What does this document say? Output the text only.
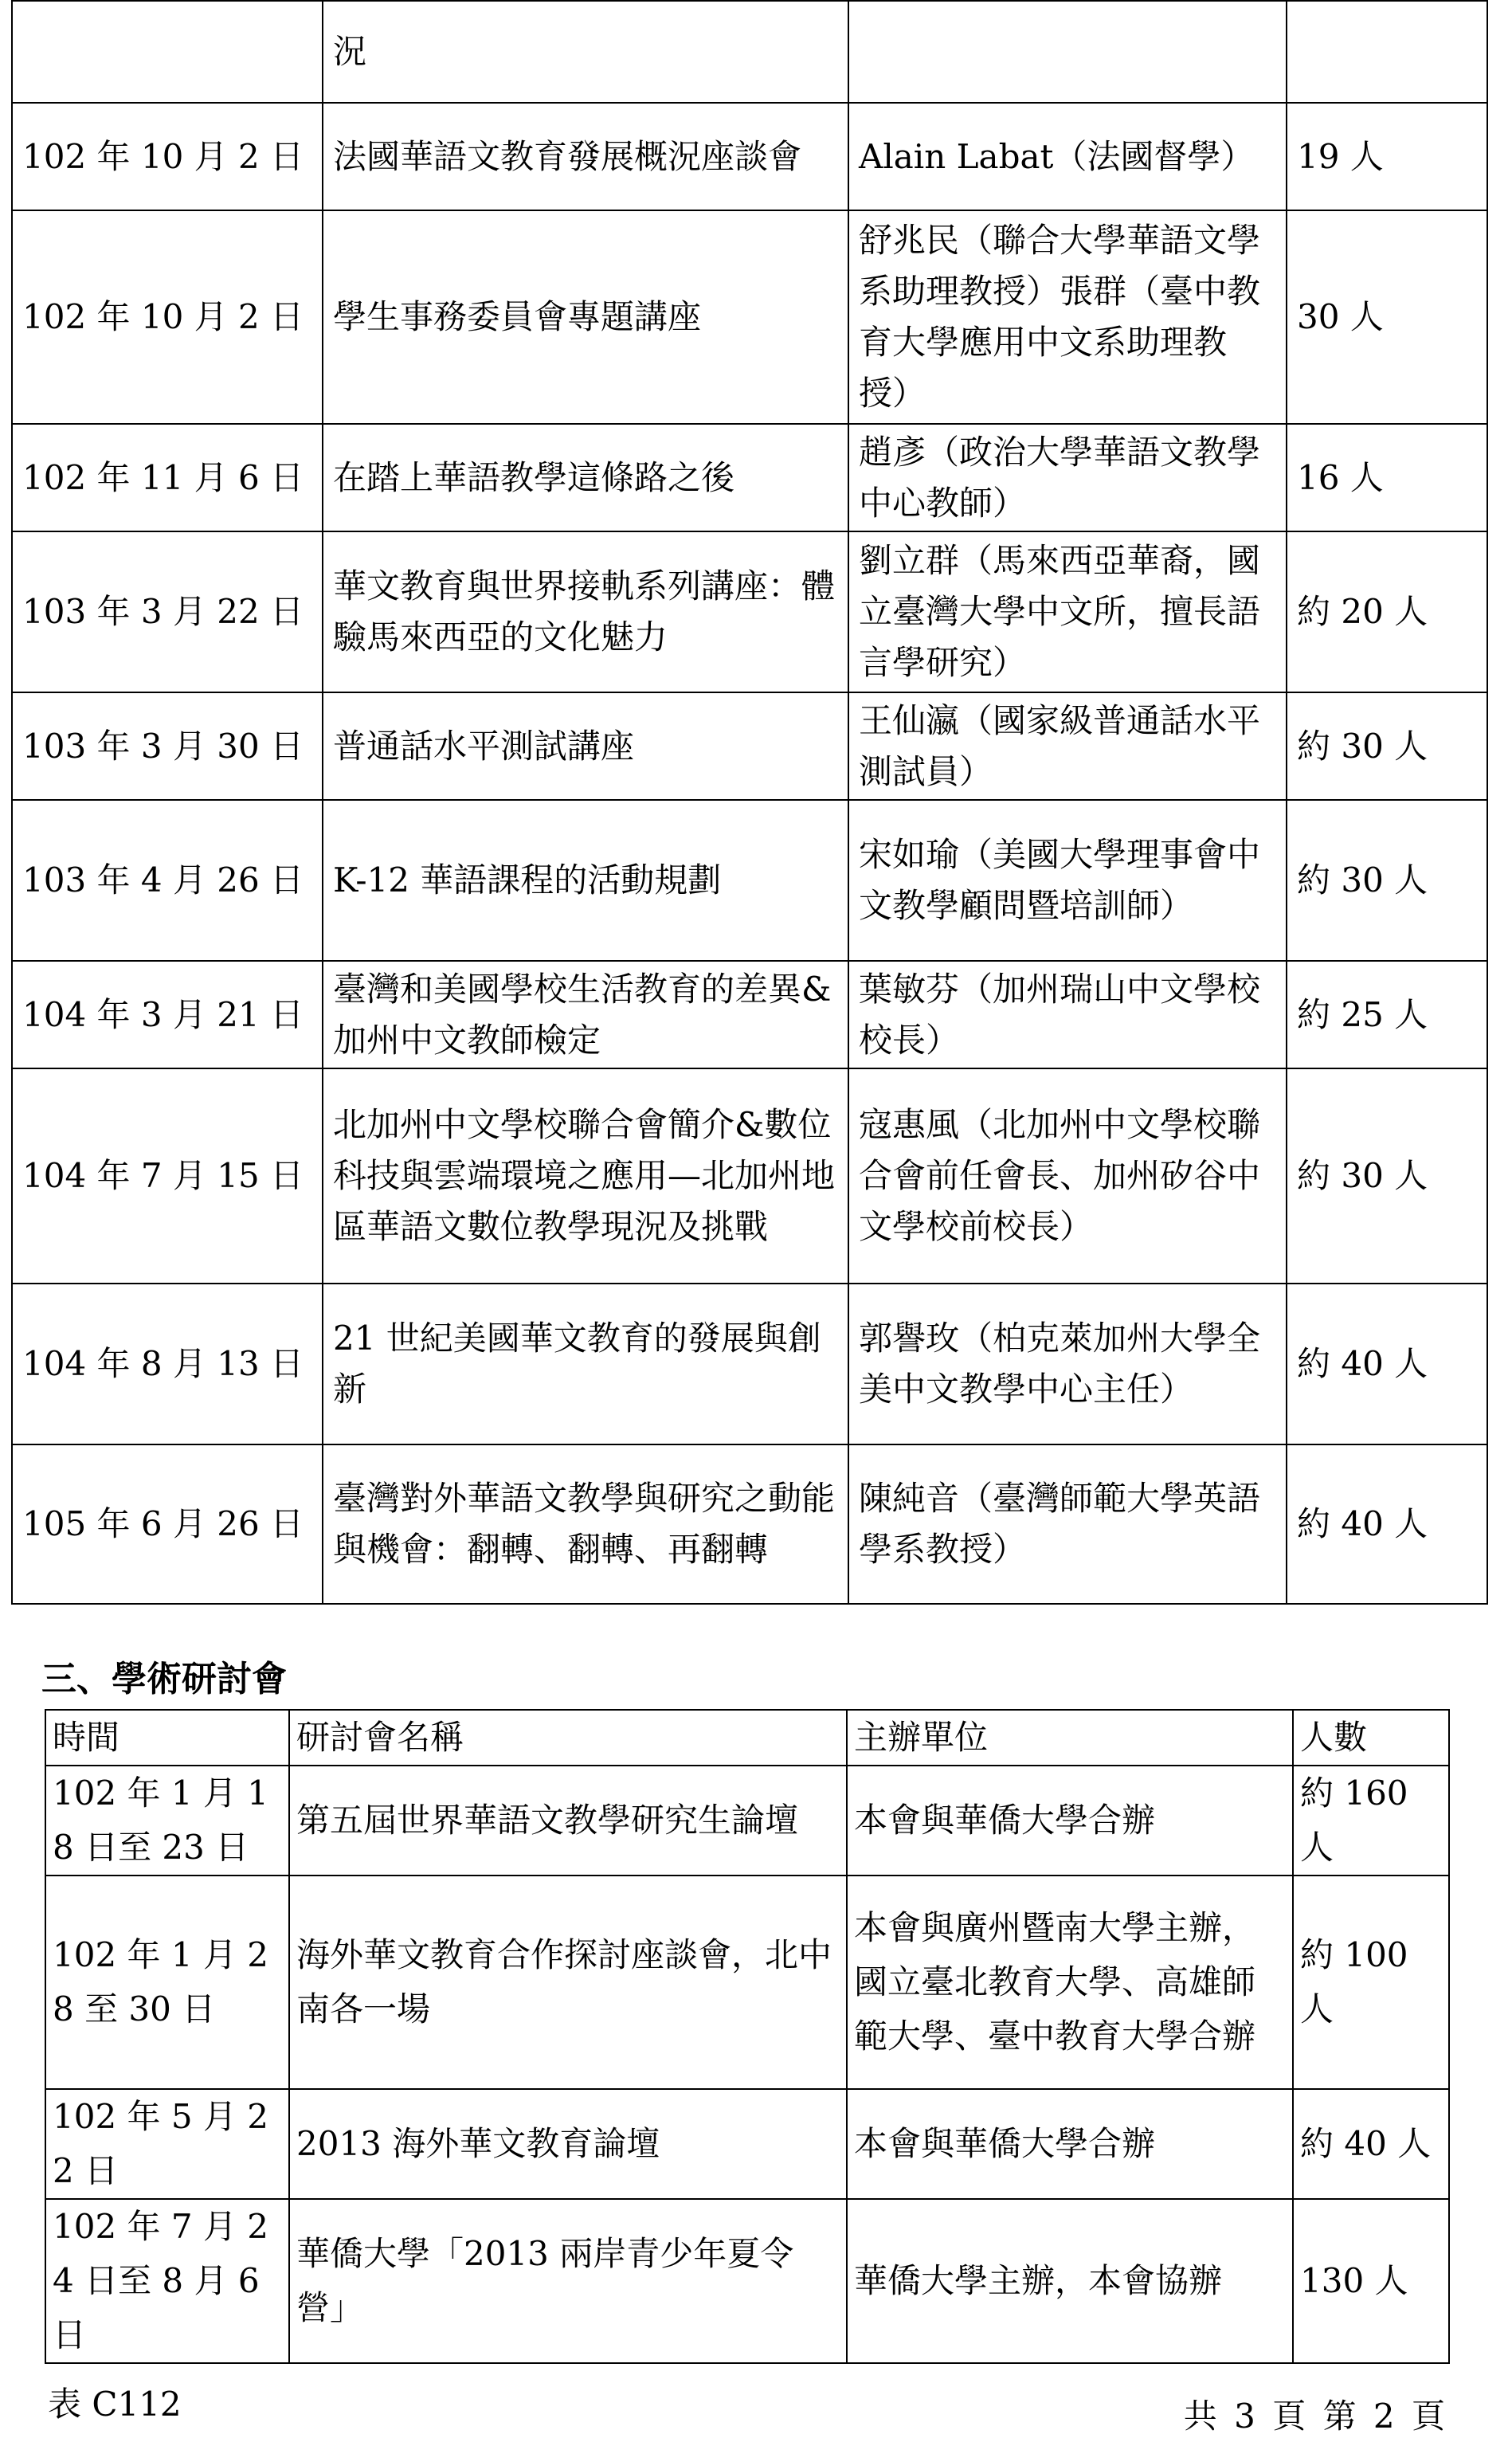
	況		
102 年 10 月 2 日	法國華語文教育發展概況座談會	Alain Labat（法國督學）	19 人
102 年 10 月 2 日	學生事務委員會專題講座	舒兆民（聯合大學華語文學系助理教授）張群（臺中教育大學應用中文系助理教授）	30 人
102 年 11 月 6 日	在踏上華語教學這條路之後	趙彥（政治大學華語文教學中心教師）	16 人
103 年 3 月 22 日	華文教育與世界接軌系列講座：體驗馬來西亞的文化魅力	劉立群（馬來西亞華裔，國立臺灣大學中文所，擅長語言學研究）	約 20 人
103 年 3 月 30 日	普通話水平測試講座	王仙瀛（國家級普通話水平測試員）	約 30 人
103 年 4 月 26 日	K-12 華語課程的活動規劃	宋如瑜（美國大學理事會中文教學顧問暨培訓師）	約 30 人
104 年 3 月 21 日	臺灣和美國學校生活教育的差異&加州中文教師檢定	葉敏芬（加州瑞山中文學校校長）	約 25 人
104 年 7 月 15 日	北加州中文學校聯合會簡介&數位科技與雲端環境之應用—北加州地區華語文數位教學現況及挑戰	寇惠風（北加州中文學校聯合會前任會長、加州矽谷中文學校前校長）	約 30 人
104 年 8 月 13 日	21 世紀美國華文教育的發展與創新	郭譽玫（柏克萊加州大學全美中文教學中心主任）	約 40 人
105 年 6 月 26 日	臺灣對外華語文教學與研究之動能與機會：翻轉、翻轉、再翻轉	陳純音（臺灣師範大學英語學系教授）	約 40 人
三、學術研討會
時間	研討會名稱	主辦單位	人數
102 年 1 月 18 日至 23 日	第五屆世界華語文教學研究生論壇	本會與華僑大學合辦	約 160 人
102 年 1 月 28 至 30 日	海外華文教育合作探討座談會，北中南各一場	本會與廣州暨南大學主辦，國立臺北教育大學、高雄師範大學、臺中教育大學合辦	約 100 人
102 年 5 月 22 日	2013 海外華文教育論壇	本會與華僑大學合辦	約 40 人
102 年 7 月 24 日至 8 月 6 日	華僑大學「2013 兩岸青少年夏令營」	華僑大學主辦，本會協辦	130 人
表 C112	共 3 頁 第 2 頁
